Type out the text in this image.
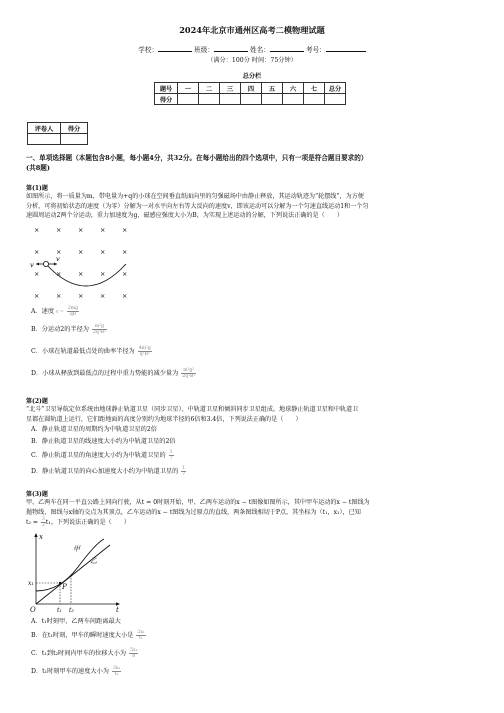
2024年北京市通州区高考二模物理试题
学校：	班级：	姓名：	考号：
（满分：100分 时间：75分钟）
总分栏
题号	一	二	三	四	五	六	七	总分
得分								
评卷人	得分

一、单项选择题（本题包含8小题，每小题4分，共32分。在每小题给出的四个选项中，只有一项是符合题目要求的）
(共8题)
第(1)题
如图所示，将一质量为m，带电量为+q的小球在空间垂直纸面向里的匀强磁场中由静止释放，其运动轨迹为“轮摆线”，为方便
分析，可将初始状态的速度（为零）分解为一对水平向左右等大反向的速度v，即该运动可以分解为一个匀速直线运动1和一个匀
速圆周运动2两个分运动，重力加速度为g，磁感应强度大小为B，为实现上述运动的分解，下列说法正确的是（　　）
×	×	×	×	×
×	×	×	×	×
×	×	×	×	×
×	×	×	×	×
v
v
A．速度 $v = \frac{2mg}{qB}$
B．分运动2的半径为 $\frac{\text{m²g}}{\text{2q²B²}}$
C．小球在轨道最低点处的曲率半径为 $\frac{\text{4m²g}}{\text{q²B²}}$
D．小球从释放到最低点的过程中重力势能的减少量为 $\frac{\text{m³g²}}{\text{2q²B²}}$
第(2)题
“北斗”卫星导航定位系统由地球静止轨道卫星（同步卫星）、中轨道卫星和倾斜同步卫星组成。地球静止轨道卫星和中轨道卫
星都在圆轨道上运行，它们距地面的高度分别约为地球半径的6倍和3.4倍，下列说法正确的是（　　）
A．静止轨道卫星的周期约为中轨道卫星的2倍
B．静止轨道卫星的线速度大小约为中轨道卫星的2倍
C．静止轨道卫星的角速度大小约为中轨道卫星的 $\frac{1}{7}$
D．静止轨道卫星的向心加速度大小约为中轨道卫星的 $\frac{1}{7}$
第(3)题
甲、乙两车在同一平直公路上同向行驶，从t = 0时刻开始，甲、乙两车运动的x − t图像如图所示，其中甲车运动的x − t图线为
抛物线，图线与x轴的交点为其顶点，乙车运动的x − t图线为过原点的直线，两条图线相切于P点，其坐标为（t₁，x₁），已知
$t_2 = \frac{3}{2} t_1$。下列说法正确的是（　　）
x
t
O
甲
乙
P
x₁
t₁ t₂
A．t₁时刻甲、乙两车间距离最大
B．在t₁时刻，甲车的瞬时速度大小是 $\frac{\text{2x₁}}{\text{t₁}}$
C．t₁到t₂时间内甲车的位移大小为 $\frac{\text{5x₁}}{8}$
D．t₁时刻甲车的速度大小为 $\frac{\text{3x₁}}{\text{t₁}}$
